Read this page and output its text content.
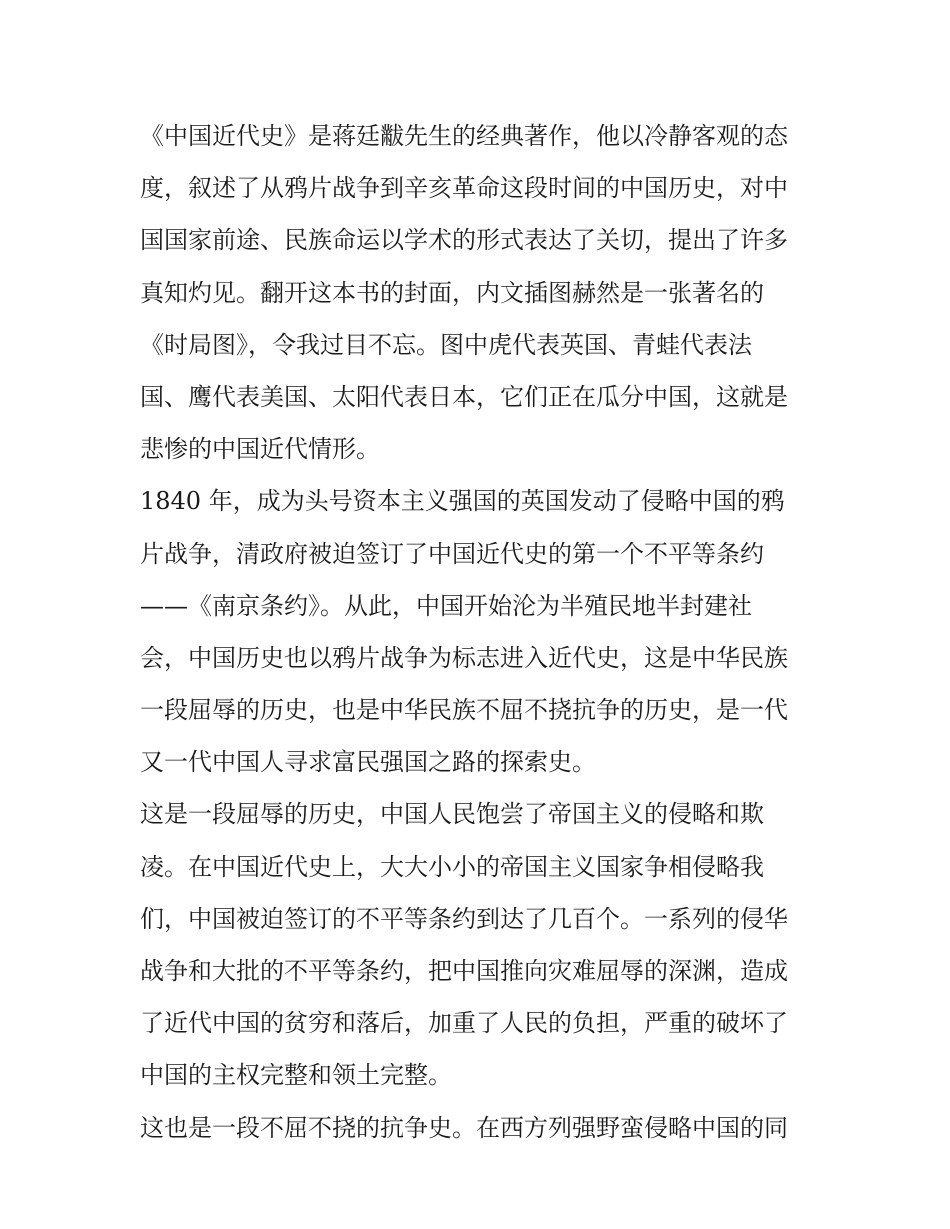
《中国近代史》是蒋廷黻先生的经典著作，他以冷静客观的态
度，叙述了从鸦片战争到辛亥革命这段时间的中国历史，对中
国国家前途、民族命运以学术的形式表达了关切，提出了许多
真知灼见。翻开这本书的封面，内文插图赫然是一张著名的
《时局图》，令我过目不忘。图中虎代表英国、青蛙代表法
国、鹰代表美国、太阳代表日本，它们正在瓜分中国，这就是
悲惨的中国近代情形。
1840 年，成为头号资本主义强国的英国发动了侵略中国的鸦
片战争，清政府被迫签订了中国近代史的第一个不平等条约
——《南京条约》。从此，中国开始沦为半殖民地半封建社
会，中国历史也以鸦片战争为标志进入近代史，这是中华民族
一段屈辱的历史，也是中华民族不屈不挠抗争的历史，是一代
又一代中国人寻求富民强国之路的探索史。
这是一段屈辱的历史，中国人民饱尝了帝国主义的侵略和欺
凌。在中国近代史上，大大小小的帝国主义国家争相侵略我
们，中国被迫签订的不平等条约到达了几百个。一系列的侵华
战争和大批的不平等条约，把中国推向灾难屈辱的深渊，造成
了近代中国的贫穷和落后，加重了人民的负担，严重的破坏了
中国的主权完整和领土完整。
这也是一段不屈不挠的抗争史。在西方列强野蛮侵略中国的同
